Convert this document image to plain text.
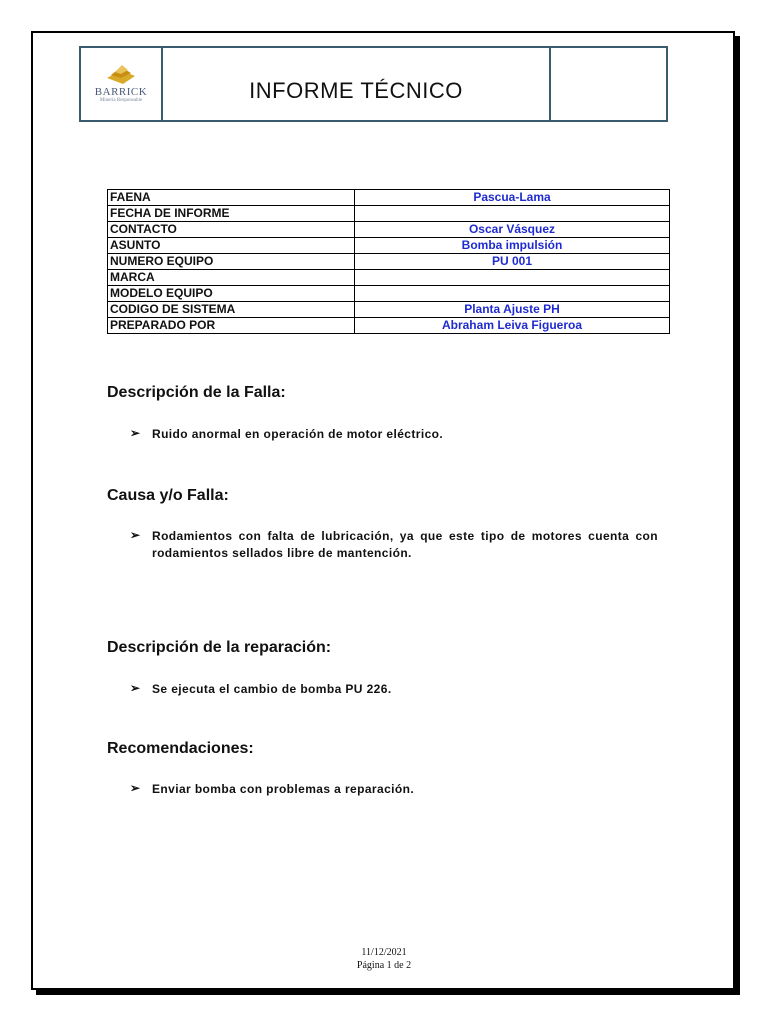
BARRICK
Minería Responsable	INFORME TÉCNICO
FAENA	Pascua-Lama
FECHA DE INFORME	
CONTACTO	Oscar Vásquez
ASUNTO	Bomba impulsión
NUMERO EQUIPO	PU 001
MARCA	
MODELO EQUIPO	
CODIGO DE SISTEMA	Planta Ajuste PH
PREPARADO POR	Abraham Leiva Figueroa
Descripción de la Falla:
➢ Ruido anormal en operación de motor eléctrico.
Causa y/o Falla:
➢ Rodamientos con falta de lubricación, ya que este tipo de motores cuenta con rodamientos sellados libre de mantención.
Descripción de la reparación:
➢ Se ejecuta el cambio de bomba PU 226.
Recomendaciones:
➢ Enviar bomba con problemas a reparación.
11/12/2021
Página 1 de 2
